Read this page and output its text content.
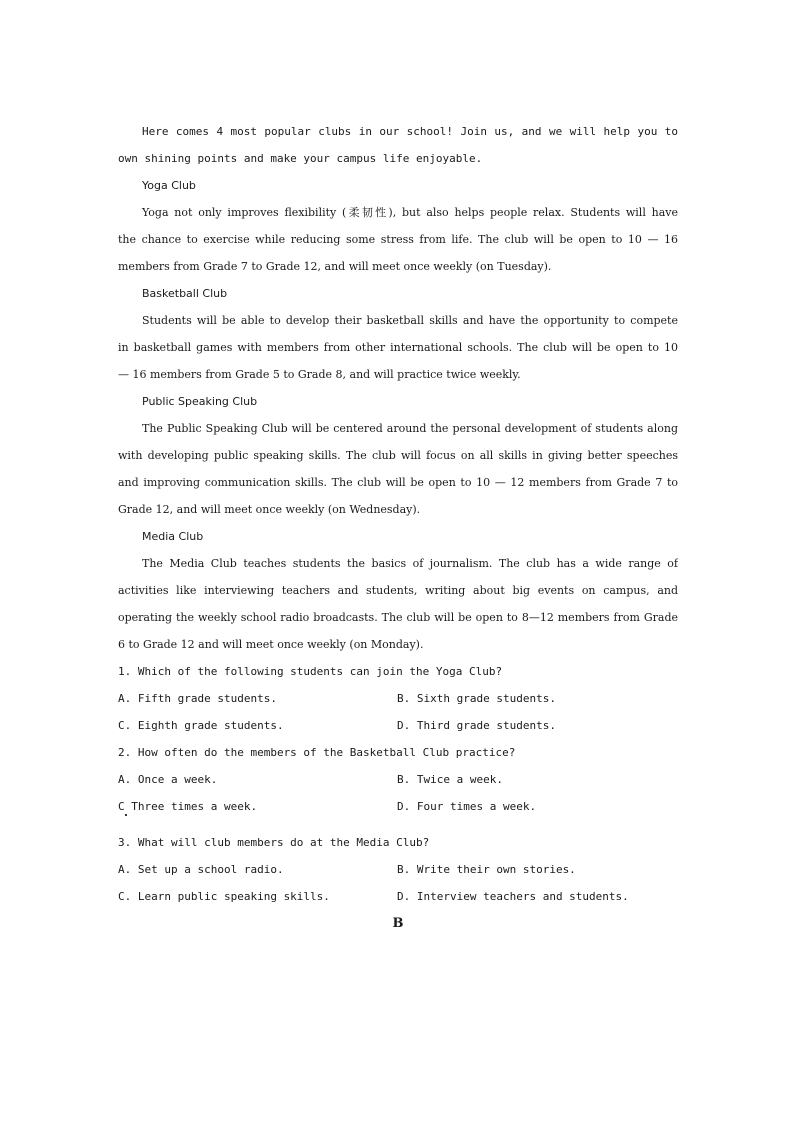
Here comes 4 most popular clubs in our school! Join us, and we will help you to
own shining points and make your campus life enjoyable.
Yoga Club
Yoga not only improves flexibility (柔韧性), but also helps people relax. Students will have
the chance to exercise while reducing some stress from life. The club will be open to 10 — 16
members from Grade 7 to Grade 12, and will meet once weekly (on Tuesday).
Basketball Club
Students will be able to develop their basketball skills and have the opportunity to compete
in basketball games with members from other international schools. The club will be open to 10
— 16 members from Grade 5 to Grade 8, and will practice twice weekly.
Public Speaking Club
The Public Speaking Club will be centered around the personal development of students along
with developing public speaking skills. The club will focus on all skills in giving better speeches
and improving communication skills. The club will be open to 10 — 12 members from Grade 7 to
Grade 12, and will meet once weekly (on Wednesday).
Media Club
The Media Club teaches students the basics of journalism. The club has a wide range of
activities like interviewing teachers and students, writing about big events on campus, and
operating the weekly school radio broadcasts. The club will be open to 8—12 members from Grade
6 to Grade 12 and will meet once weekly (on Monday).
1. Which of the following students can join the Yoga Club?
A. Fifth grade students.	B. Sixth grade students.
C. Eighth grade students.	D. Third grade students.
2. How often do the members of the Basketball Club practice?
A. Once a week.	B. Twice a week.
C Three times a week.	D. Four times a week.
3. What will club members do at the Media Club?
A. Set up a school radio.	B. Write their own stories.
C. Learn public speaking skills.	D. Interview teachers and students.
B
